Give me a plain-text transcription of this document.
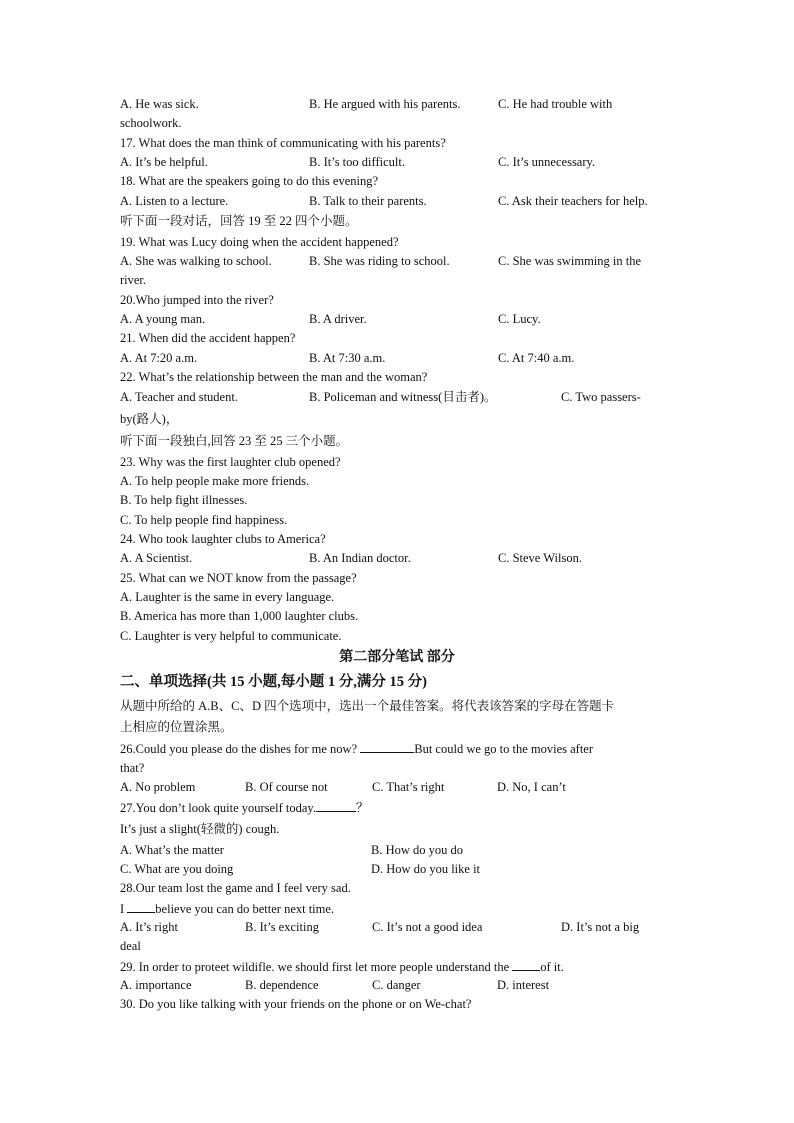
A. He was sick.	B. He argued with his parents.	C. He had trouble with
schoolwork.
17. What does the man think of communicating with his parents?
A. It’s be helpful.	B. It’s too difficult.	C. It’s unnecessary.
18. What are the speakers going to do this evening?
A. Listen to a lecture.	B. Talk to their parents.	C. Ask their teachers for help.
听下面一段对话，回答 19 至 22 四个小题。
19. What was Lucy doing when the accident happened?
A. She was walking to school.	B. She was riding to school.	C. She was swimming in the
river.
20.Who jumped into the river?
A. A young man.	B. A driver.	C. Lucy.
21. When did the accident happen?
A. At 7:20 a.m.	B. At 7:30 a.m.	C. At 7:40 a.m.
22. What’s the relationship between the man and the woman?
A. Teacher and student.	B. Policeman and witness(目击者)。	C. Two passers-
by(路人)，
听下面一段独白,回答 23 至 25 三个小题。
23. Why was the first laughter club opened?
A. To help people make more friends.
B. To help fight illnesses.
C. To help people find happiness.
24. Who took laughter clubs to America?
A. A Scientist.	B. An Indian doctor.	C. Steve Wilson.
25. What can we NOT know from the passage?
A. Laughter is the same in every language.
B. America has more than 1,000 laughter clubs.
C. Laughter is very helpful to communicate.
第二部分笔试 部分
二、单项选择(共 15 小题,每小题 1 分,满分 15 分)
从题中所给的 A.B、C、D 四个选项中，选出一个最佳答案。将代表该答案的字母在答题卡
上相应的位置涂黑。
26.Could you please do the dishes for me now?	But could we go to the movies after
that?
A. No problem	B. Of course not	C. That’s right	D. No, I can’t
27.You don’t look quite yourself today.	？
It’s just a slight(轻微的) cough.
A. What’s the matter	B. How do you do
C. What are you doing	D. How do you like it
28.Our team lost the game and I feel very sad.
I believe you can do better next time.
A. It’s right	B. It’s exciting	C. It’s not a good idea	D. It’s not a big
deal
29. In order to proteet wildifle. we should first let more people understand the of it.
A. importance	B. dependence	C. danger	D. interest
30. Do you like talking with your friends on the phone or on We-chat?
